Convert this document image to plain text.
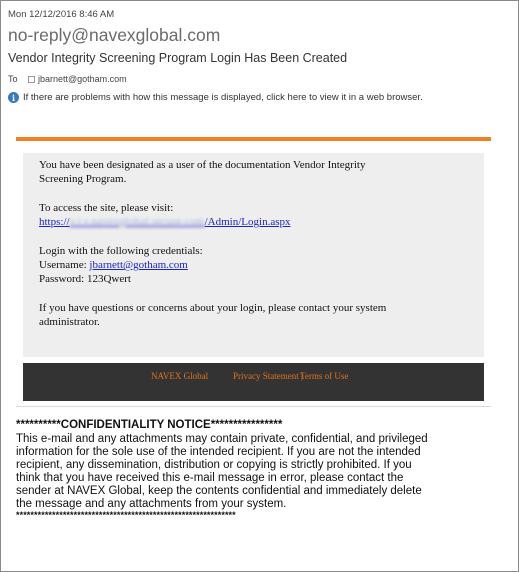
Mon 12/12/2016 8:46 AM
no-reply@navexglobal.com
Vendor Integrity Screening Program Login Has Been Created
To	jbarnett@gotham.com
i If there are problems with how this message is displayed, click here to view it in a web browser.

You have been designated as a user of the documentation Vendor Integrity

Screening Program.

To access the site, please visit:

https://v.i.s.navexglobal.secure.com/Admin/Login.aspx

Login with the following credentials:

Username: jbarnett@gotham.com

Password: 123Qwert

If you have questions or concerns about your login, please contact your system

administrator.

NAVEX Global	Privacy Statement |
Terms of Use
**********CONFIDENTIALITY NOTICE****************
This e-mail and any attachments may contain private, confidential, and privileged
information for the sole use of the intended recipient. If you are not the intended
recipient, any dissemination, distribution or copying is strictly prohibited. If you
think that you have received this e-mail message in error, please contact the
sender at NAVEX Global, keep the contents confidential and immediately delete
the message and any attachments from your system.
*************************************************************
